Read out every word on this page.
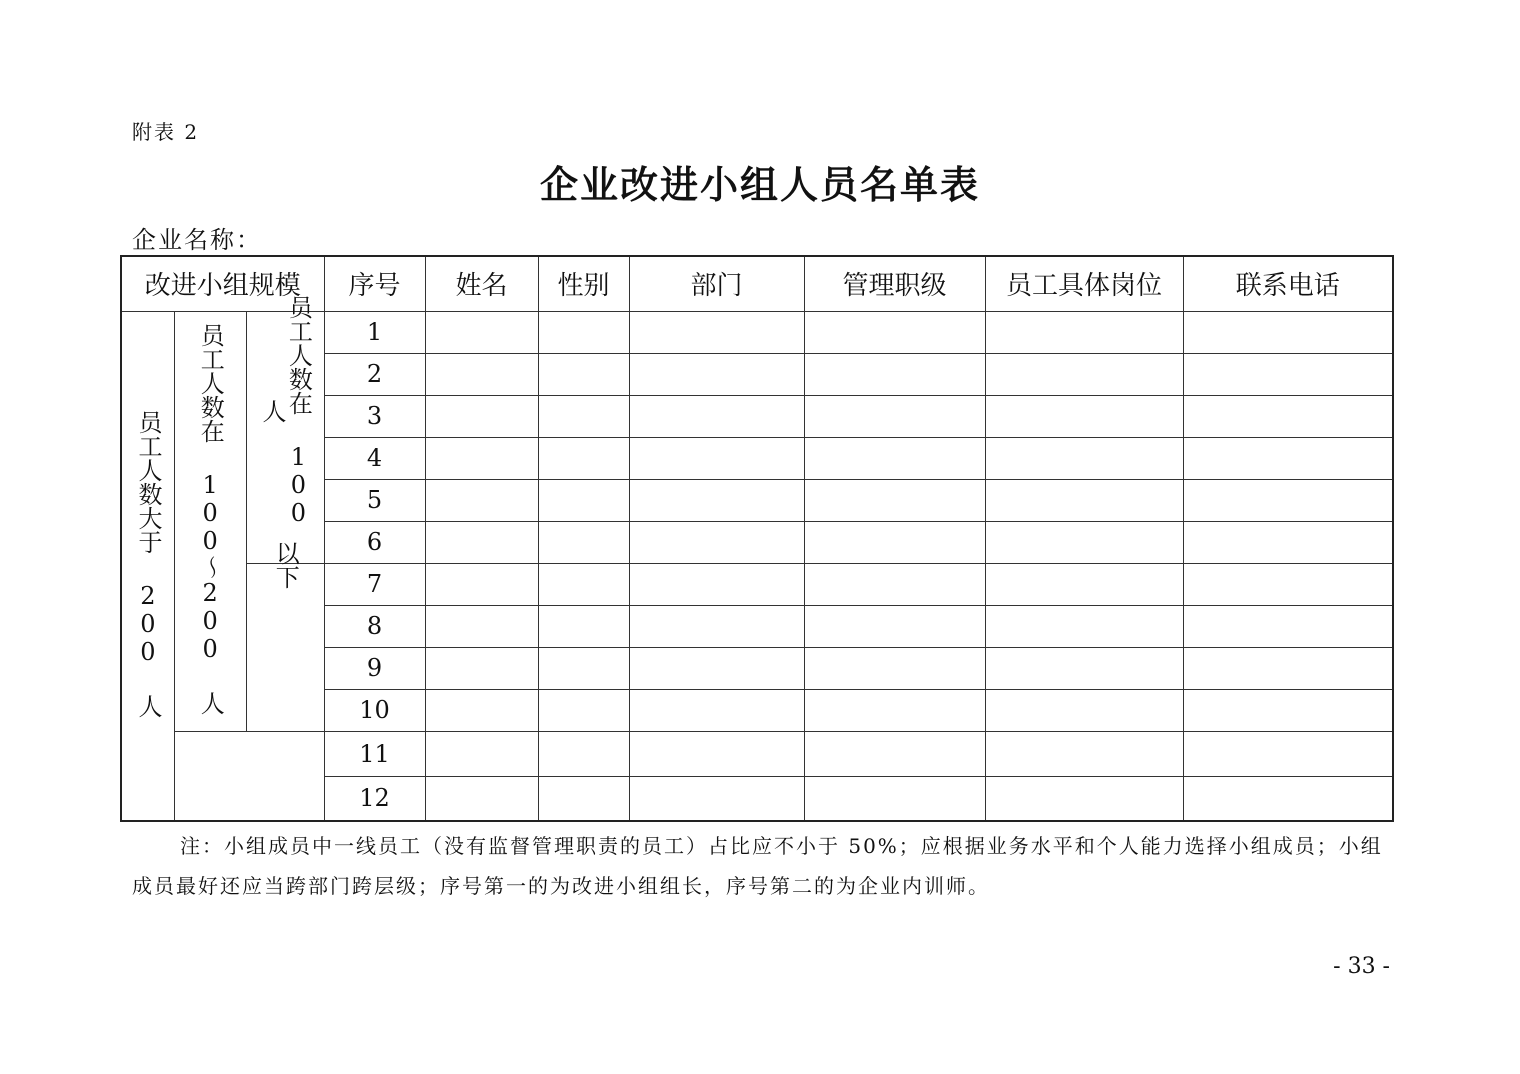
附表 2
企业改进小组人员名单表
企业名称：
改进小组规模			序号	姓名	性别	部门	管理职级	员工具体岗位	联系电话
员工人数大于 200 人	员工人数在 100～200 人	员工人数在 100 人 以下	1						
			2						
			3						
			4						
			5						
			6						
			7						
			8						
			9						
			10						
			11						
			12						
注：小组成员中一线员工（没有监督管理职责的员工）占比应不小于 50%；应根据业务水平和个人能力选择小组成员；小组成员最好还应当跨部门跨层级；序号第一的为改进小组组长，序号第二的为企业内训师。
- 33 -
